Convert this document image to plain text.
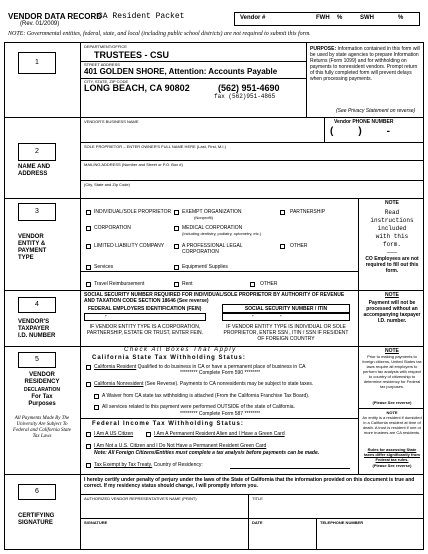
VENDOR DATA RECORD
CA Resident Packet
(Rev. 01/2009)
Vendor #	FWH %	SWH	%
NOTE: Governmental entities, federal, state, and local (including public school districts) are not required to submit this form.
1
DEPARTMENT/OFFICE
TRUSTEES - CSU
STREET ADDRESS
401 GOLDEN SHORE, Attention: Accounts Payable
CITY, STATE, ZIP CODE
LONG BEACH, CA 90802	(562) 951-4690
fax (562)951-4865
PURPOSE: Information contained in this form will be used by state agencies to prepare Information Returns (Form 1099) and for withholding on payments to nonresident vendors. Prompt return of this fully completed form will prevent delays when processing payments.
(See Privacy Statement on reverse)
VENDOR'S BUSINESS NAME	Vendor PHONE NUMBER
(         )         -
2
SOLE PROPRIETOR – ENTER OWNER'S FULL NAME HERE (Last, First, M.I.)
MAILING ADDRESS (Number and Street or P.O. Box #)
(City, State and Zip Code)
NAME AND
ADDRESS
3
VENDOR
ENTITY &
PAYMENT
TYPE
INDIVIDUAL/SOLE PROPRIETOR EXEMPT ORGANIZATION
(Nonprofit)
PARTNERSHIP
CORPORATION	MEDICAL CORPORATION
(Including dentistry, podiatry, optometry, etc.)
LIMITED LIABILITY COMPANY	A PROFESSIONAL LEGAL CORPORATION
OTHER
Services	Equipment/ Supplies
NOTE
Read
instructions
included
with this
form.
——
CO Employees are not required to fill out this form.
Travel Reimbursement	Rent	OTHER
4
VENDOR'S
TAXPAYER
I.D. NUMBER
SOCIAL SECURITY NUMBER REQUIRED FOR INDIVIDUAL/SOLE PROPRIETOR BY AUTHORITY OF REVENUE AND TAXATION CODE SECTION 18646 (See reverse)
FEDERAL EMPLOYERS IDENTIFICATION (FEIN)
-
SOCIAL SECURITY NUMBER / ITIN
-	-
IF VENDOR ENTITY TYPE IS A CORPORATION, PARTNERSHIP, ESTATE OR TRUST, ENTER FEIN.
IF VENDOR ENTITY TYPE IS INDIVIDUAL OR SOLE PROPRIETOR, ENTER SSN , ITIN / SSN IF RESIDENT OF FOREIGN COUNTRY
NOTE
Payment will not be processed without an accompanying taxpayer I.D. number.
5
VENDOR
RESIDENCY
DECLARATION
For Tax
Purposes
All Payments Made By The University Are Subject To Federal and California State Tax Laws
Check All Boxes That Apply
California State Tax Withholding Status:
California Resident Qualified to do business in CA or have a permanent place of business in CA
********* Complete Form 590 ********
California Nonresident (See Reverse). Payments to CA nonresidents may be subject to state taxes.
A Waiver from CA state tax withholding is attached (From the California Franchise Tax Board).
All services related to this payment were performed OUTSIDE of the state of California.
********* Complete Form 587 ********
Federal Income Tax Withholding Status:
I Am A US Citizen	I Am A Permanent Resident Alien and I Have a Green Card
I Am Not a U.S. Citizen and I Do Not Have a Permanent Resident Green Card
Note: All Foreign Citizens/Entities must complete a tax analysis before payments can be made.
Tax Exempt by Tax Treaty. Country of Residency:
NOTE
Prior to making payments to foreign citizens, United States tax laws require all employers to perform tax analysis with respect to country of citizenship to determine residency for Federal tax purposes.
(Please See reverse)
NOTE
An entity is a resident if domiciled in a California resident at time of death. A trust is resident if one or more trustees are CA residents.
Rules for assessing State taxes differ significantly from Federal tax rules.
(Please See reverse)
6
CERTIFYING
SIGNATURE
I hereby certify under penalty of perjury under the laws of the State of California that the information provided on this document is true and correct. If my residency status should change, I will promptly inform you.
AUTHORIZED VENDOR REPRESENTATIVE'S NAME (PRINT)	TITLE
SIGNATURE	DATE	TELEPHONE NUMBER
